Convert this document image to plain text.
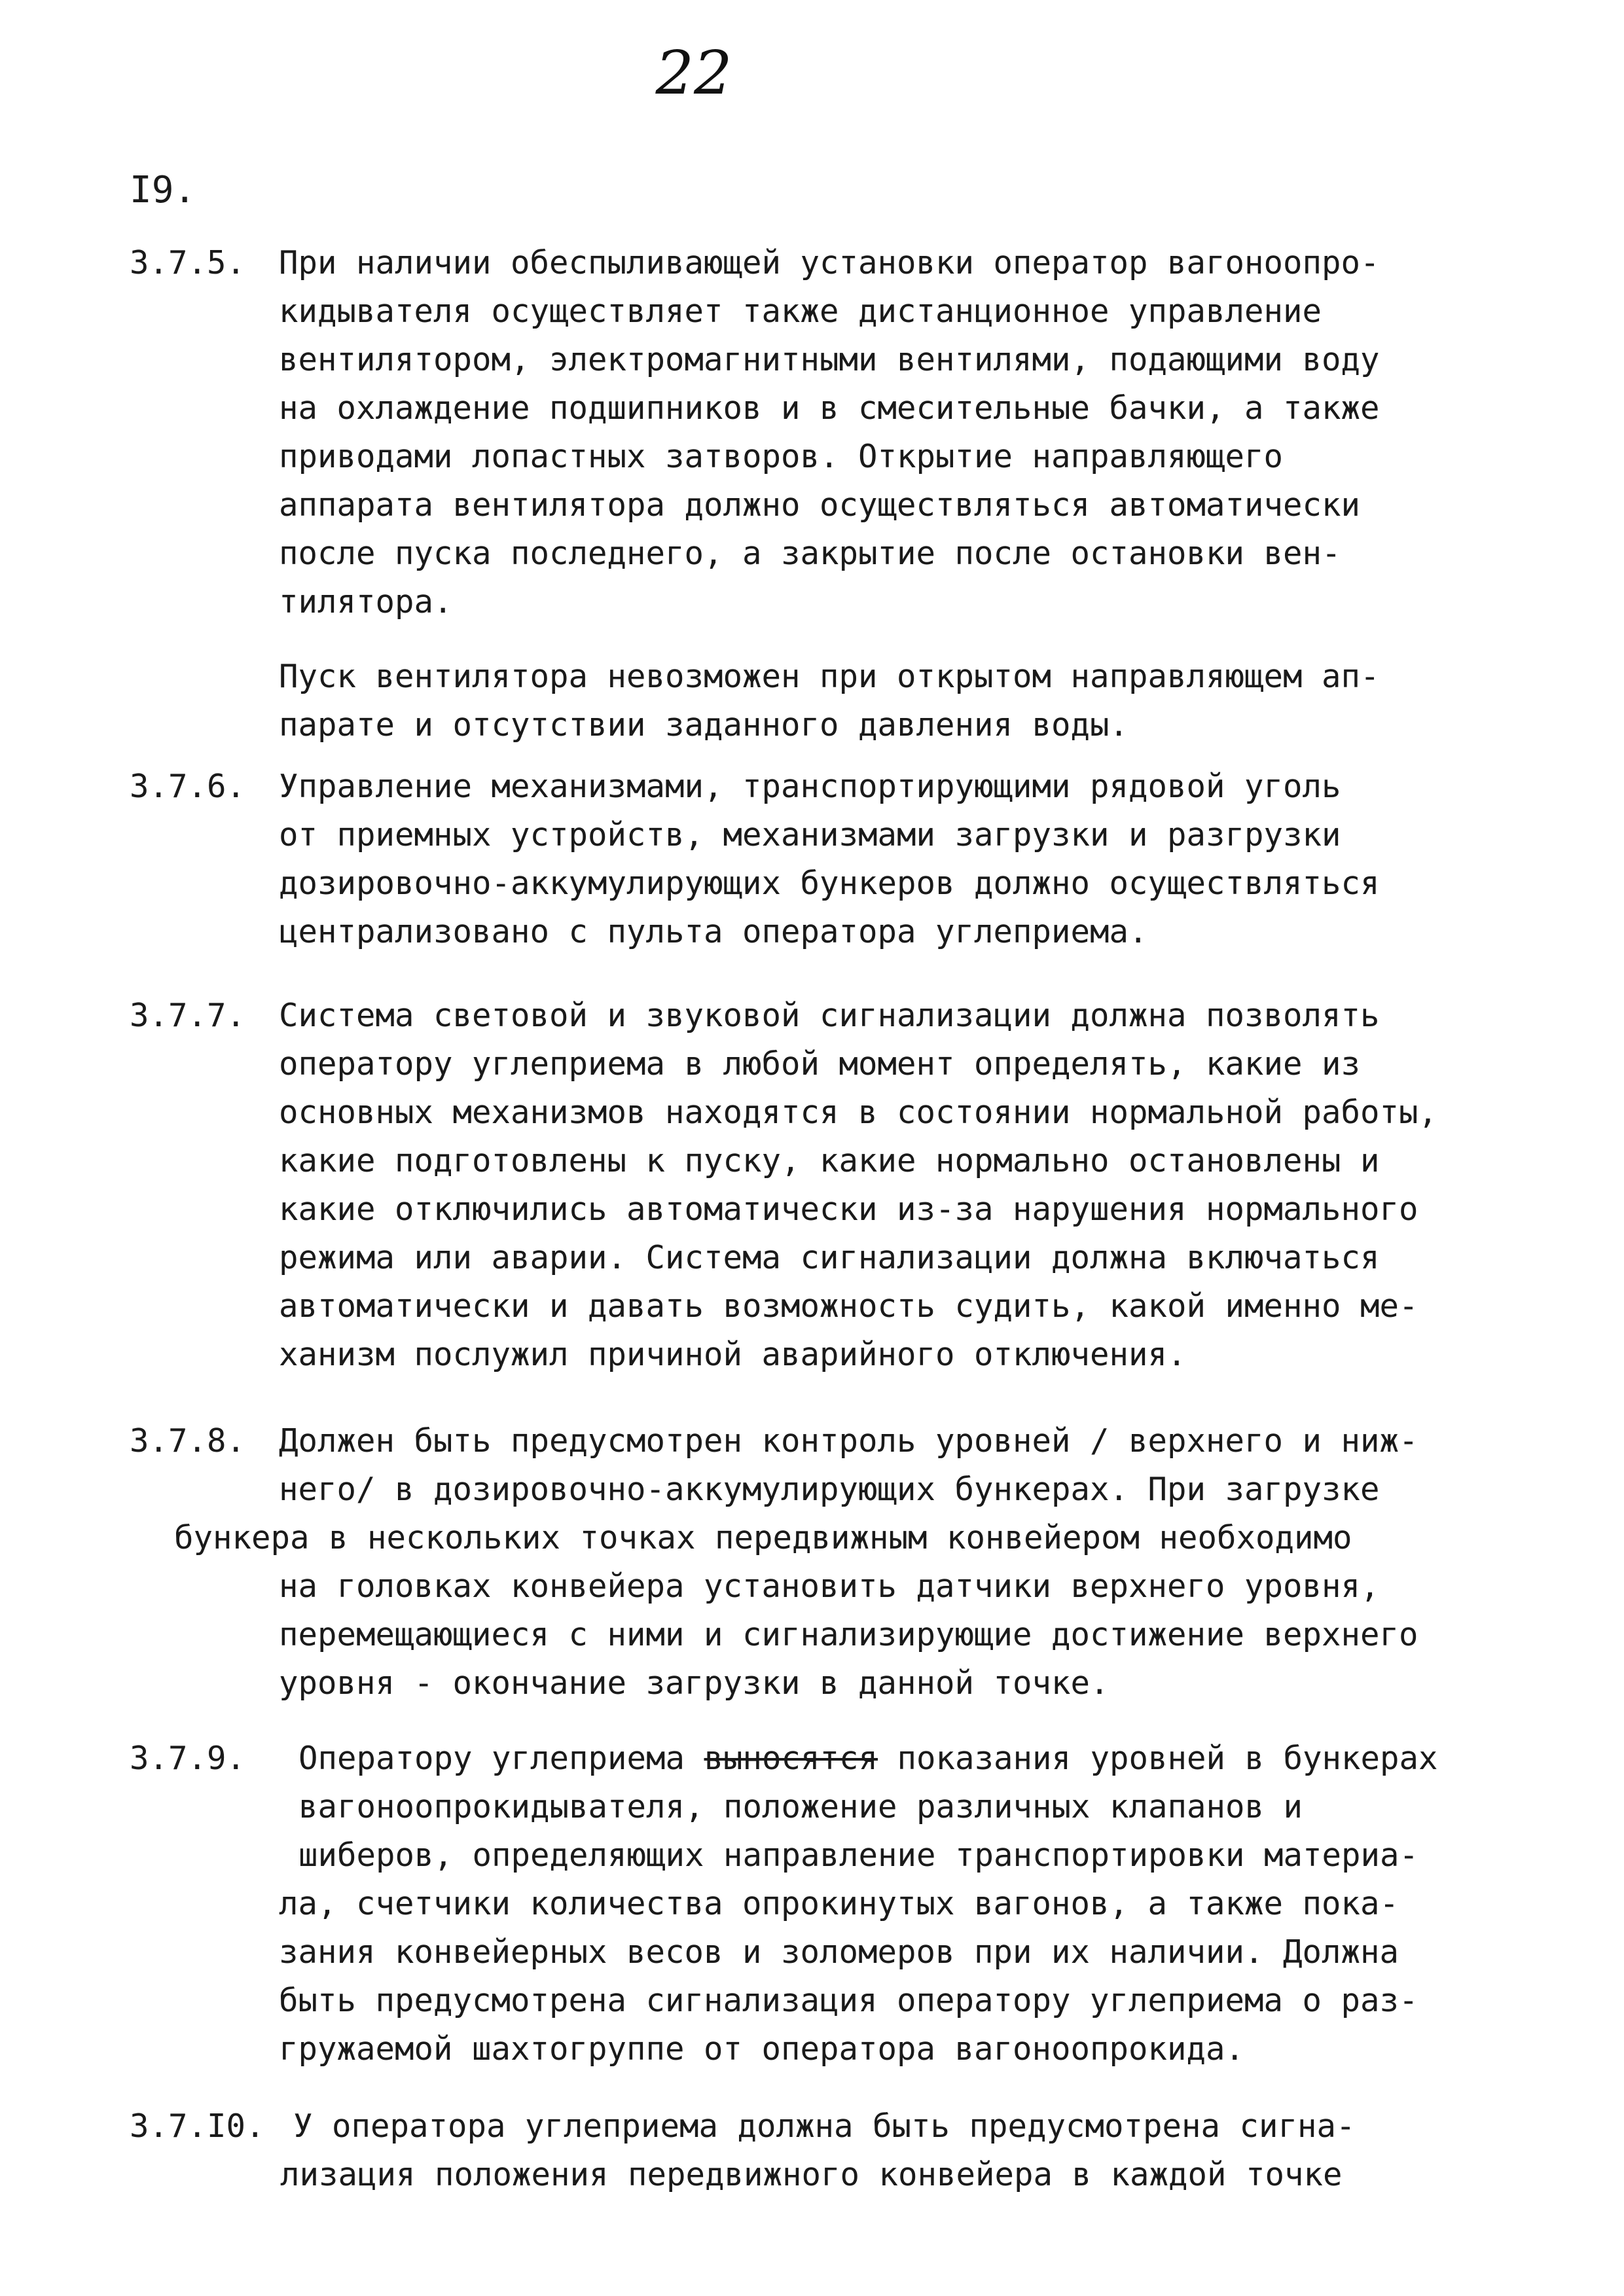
22
I9.
3.7.5. При наличии обеспыливающей установки оператор вагоноопро-
кидывателя осуществляет также дистанционное управление
вентилятором, электромагнитными вентилями, подающими воду
на охлаждение подшипников и в смесительные бачки, а также
приводами лопастных затворов. Открытие направляющего
аппарата вентилятора должно осуществляться автоматически
после пуска последнего, а закрытие после остановки вен-
тилятора.
Пуск вентилятора невозможен при открытом направляющем ап-
парате и отсутствии заданного давления воды.
3.7.6. Управление механизмами, транспортирующими рядовой уголь
от приемных устройств, механизмами загрузки и разгрузки
дозировочно-аккумулирующих бункеров должно осуществляться
централизовано с пульта оператора углеприема.
3.7.7. Система световой и звуковой сигнализации должна позволять
оператору углеприема в любой момент определять, какие из
основных механизмов находятся в состоянии нормальной работы,
какие подготовлены к пуску, какие нормально остановлены и
какие отключились автоматически из-за нарушения нормального
режима или аварии. Система сигнализации должна включаться
автоматически и давать возможность судить, какой именно ме-
ханизм послужил причиной аварийного отключения.
3.7.8. Должен быть предусмотрен контроль уровней / верхнего и ниж-
него/ в дозировочно-аккумулирующих бункерах. При загрузке
бункера в нескольких точках передвижным конвейером необходимо
на головках конвейера установить датчики верхнего уровня,
перемещающиеся с ними и сигнализирующие достижение верхнего
уровня - окончание загрузки в данной точке.
3.7.9. Оператору углеприема выносятся показания уровней в бункерах
вагоноопрокидывателя, положение различных клапанов и
шиберов, определяющих направление транспортировки материа-
ла, счетчики количества опрокинутых вагонов, а также пока-
зания конвейерных весов и золомеров при их наличии. Должна
быть предусмотрена сигнализация оператору углеприема о раз-
гружаемой шахтогруппе от оператора вагоноопрокида.
3.7.I0. У оператора углеприема должна быть предусмотрена сигна-
лизация положения передвижного конвейера в каждой точке
